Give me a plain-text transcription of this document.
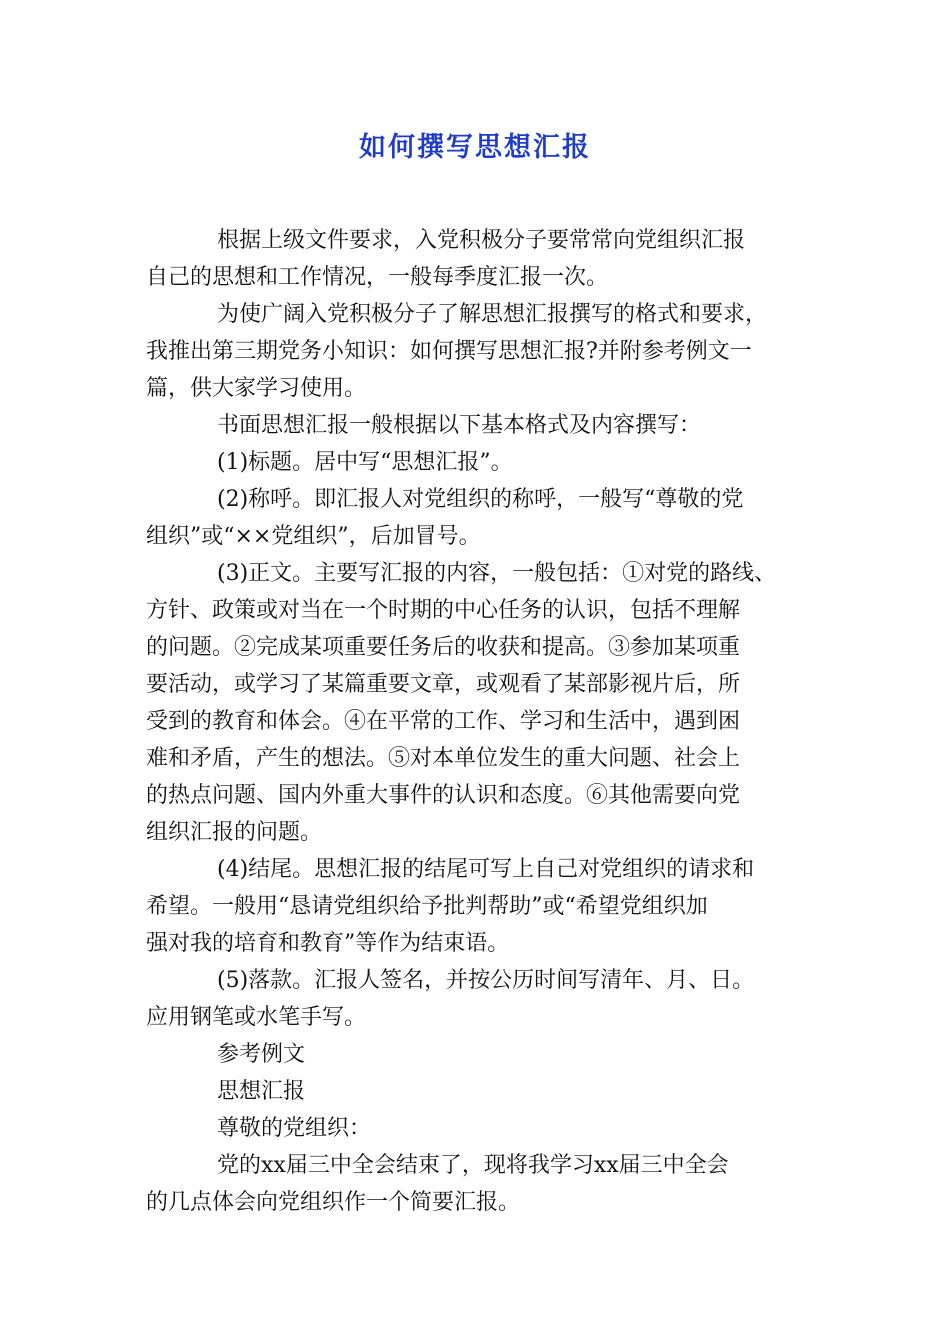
如何撰写思想汇报

根据上级文件要求，入党积极分子要常常向党组织汇报
自己的思想和工作情况，一般每季度汇报一次。

为使广阔入党积极分子了解思想汇报撰写的格式和要求，
我推出第三期党务小知识：如何撰写思想汇报?并附参考例文一
篇，供大家学习使用。

书面思想汇报一般根据以下基本格式及内容撰写：

(1)标题。居中写“思想汇报”。

(2)称呼。即汇报人对党组织的称呼，一般写“尊敬的党
组织”或“××党组织”，后加冒号。

(3)正文。主要写汇报的内容，一般包括：①对党的路线、
方针、政策或对当在一个时期的中心任务的认识，包括不理解
的问题。②完成某项重要任务后的收获和提高。③参加某项重
要活动，或学习了某篇重要文章，或观看了某部影视片后，所
受到的教育和体会。④在平常的工作、学习和生活中，遇到困
难和矛盾，产生的想法。⑤对本单位发生的重大问题、社会上
的热点问题、国内外重大事件的认识和态度。⑥其他需要向党
组织汇报的问题。

(4)结尾。思想汇报的结尾可写上自己对党组织的请求和
希望。一般用“恳请党组织给予批判帮助”或“希望党组织加
强对我的培育和教育”等作为结束语。

(5)落款。汇报人签名，并按公历时间写清年、月、日。
应用钢笔或水笔手写。

参考例文

思想汇报

尊敬的党组织：

党的xx届三中全会结束了，现将我学习xx届三中全会
的几点体会向党组织作一个简要汇报。
